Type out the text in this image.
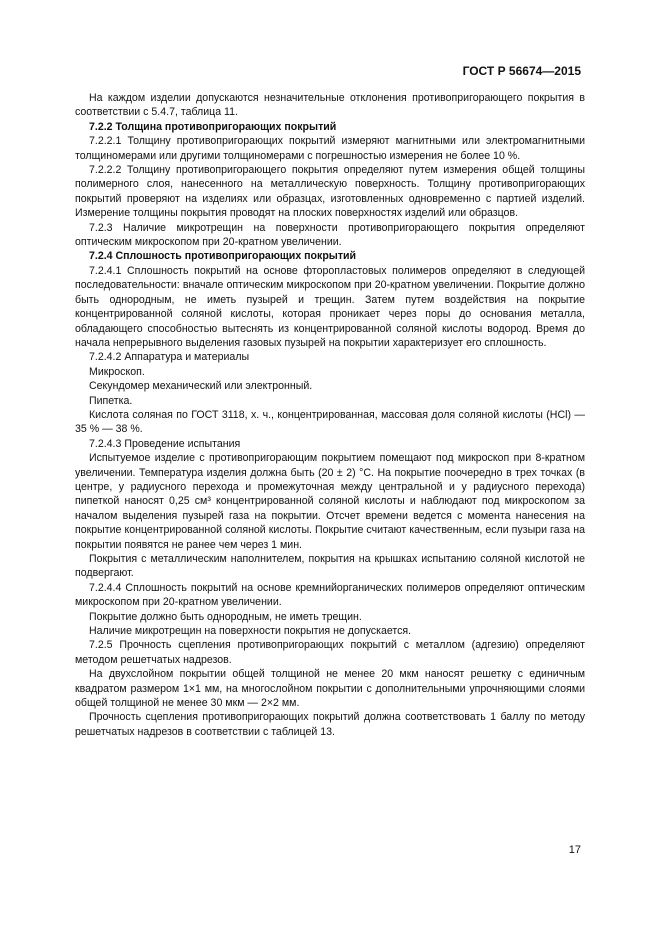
ГОСТ Р 56674—2015

На каждом изделии допускаются незначительные отклонения противопригорающего покрытия в соответствии с 5.4.7, таблица 11.

7.2.2 Толщина противопригорающих покрытий

7.2.2.1 Толщину противопригорающих покрытий измеряют магнитными или электромагнитными толщиномерами или другими толщиномерами с погрешностью измерения не более 10 %.

7.2.2.2 Толщину противопригорающего покрытия определяют путем измерения общей толщины полимерного слоя, нанесенного на металлическую поверхность. Толщину противопригорающих покрытий проверяют на изделиях или образцах, изготовленных одновременно с партией изделий. Измерение толщины покрытия проводят на плоских поверхностях изделий или образцов.

7.2.3 Наличие микротрещин на поверхности противопригорающего покрытия определяют оптическим микроскопом при 20-кратном увеличении.

7.2.4 Сплошность противопригорающих покрытий

7.2.4.1 Сплошность покрытий на основе фторопластовых полимеров определяют в следующей последовательности: вначале оптическим микроскопом при 20-кратном увеличении. Покрытие должно быть однородным, не иметь пузырей и трещин. Затем путем воздействия на покрытие концентрированной соляной кислоты, которая проникает через поры до основания металла, обладающего способностью вытеснять из концентрированной соляной кислоты водород. Время до начала непрерывного выделения газовых пузырей на покрытии характеризует его сплошность.

7.2.4.2 Аппаратура и материалы

Микроскоп.

Секундомер механический или электронный.

Пипетка.

Кислота соляная по ГОСТ 3118, х. ч., концентрированная, массовая доля соляной кислоты (HCl) — 35 % — 38 %.

7.2.4.3 Проведение испытания

Испытуемое изделие с противопригорающим покрытием помещают под микроскоп при 8-кратном увеличении. Температура изделия должна быть (20 ± 2) °С. На покрытие поочередно в трех точках (в центре, у радиусного перехода и промежуточная между центральной и у радиусного перехода) пипеткой наносят 0,25 см³ концентрированной соляной кислоты и наблюдают под микроскопом за началом выделения пузырей газа на покрытии. Отсчет времени ведется с момента нанесения на покрытие концентрированной соляной кислоты. Покрытие считают качественным, если пузыри газа на покрытии появятся не ранее чем через 1 мин.

Покрытия с металлическим наполнителем, покрытия на крышках испытанию соляной кислотой не подвергают.

7.2.4.4 Сплошность покрытий на основе кремнийорганических полимеров определяют оптическим микроскопом при 20-кратном увеличении.

Покрытие должно быть однородным, не иметь трещин.

Наличие микротрещин на поверхности покрытия не допускается.

7.2.5 Прочность сцепления противопригорающих покрытий с металлом (адгезию) определяют методом решетчатых надрезов.

На двухслойном покрытии общей толщиной не менее 20 мкм наносят решетку с единичным квадратом размером 1×1 мм, на многослойном покрытии с дополнительными упрочняющими слоями общей толщиной не менее 30 мкм — 2×2 мм.

Прочность сцепления противопригорающих покрытий должна соответствовать 1 баллу по методу решетчатых надрезов в соответствии с таблицей 13.

17
